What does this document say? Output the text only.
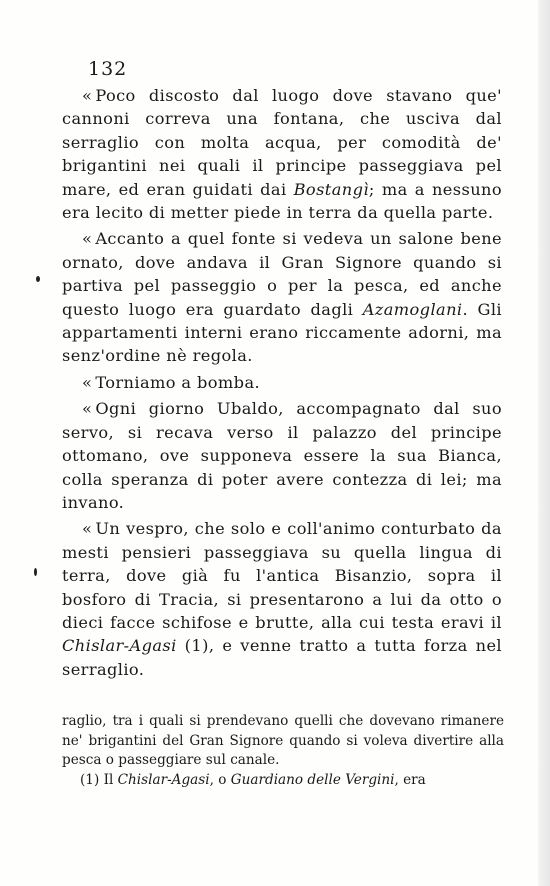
132

« Poco discosto dal luogo dove stavano que' cannoni correva una fontana, che usciva dal serraglio con molta acqua, per comodità de' brigantini nei quali il principe passeggiava pel mare, ed eran guidati dai Bostangì; ma a nessuno era lecito di metter piede in terra da quella parte.

« Accanto a quel fonte si vedeva un salone bene ornato, dove andava il Gran Signore quando si partiva pel passeggio o per la pesca, ed anche questo luogo era guardato dagli Azamoglani. Gli appartamenti interni erano riccamente adorni, ma senz'ordine nè regola.

« Torniamo a bomba.

« Ogni giorno Ubaldo, accompagnato dal suo servo, si recava verso il palazzo del principe ottomano, ove supponeva essere la sua Bianca, colla speranza di poter avere contezza di lei; ma invano.

« Un vespro, che solo e coll'animo conturbato da mesti pensieri passeggiava su quella lingua di terra, dove già fu l'antica Bisanzio, sopra il bosforo di Tracia, si presentarono a lui da otto o dieci facce schifose e brutte, alla cui testa eravi il Chislar-Agasi (1), e venne tratto a tutta forza nel serraglio.

raglio, tra i quali si prendevano quelli che dovevano rimanere ne' brigantini del Gran Signore quando si voleva divertire alla pesca o passeggiare sul canale.

(1) Il Chislar-Agasi, o Guardiano delle Vergini, era
